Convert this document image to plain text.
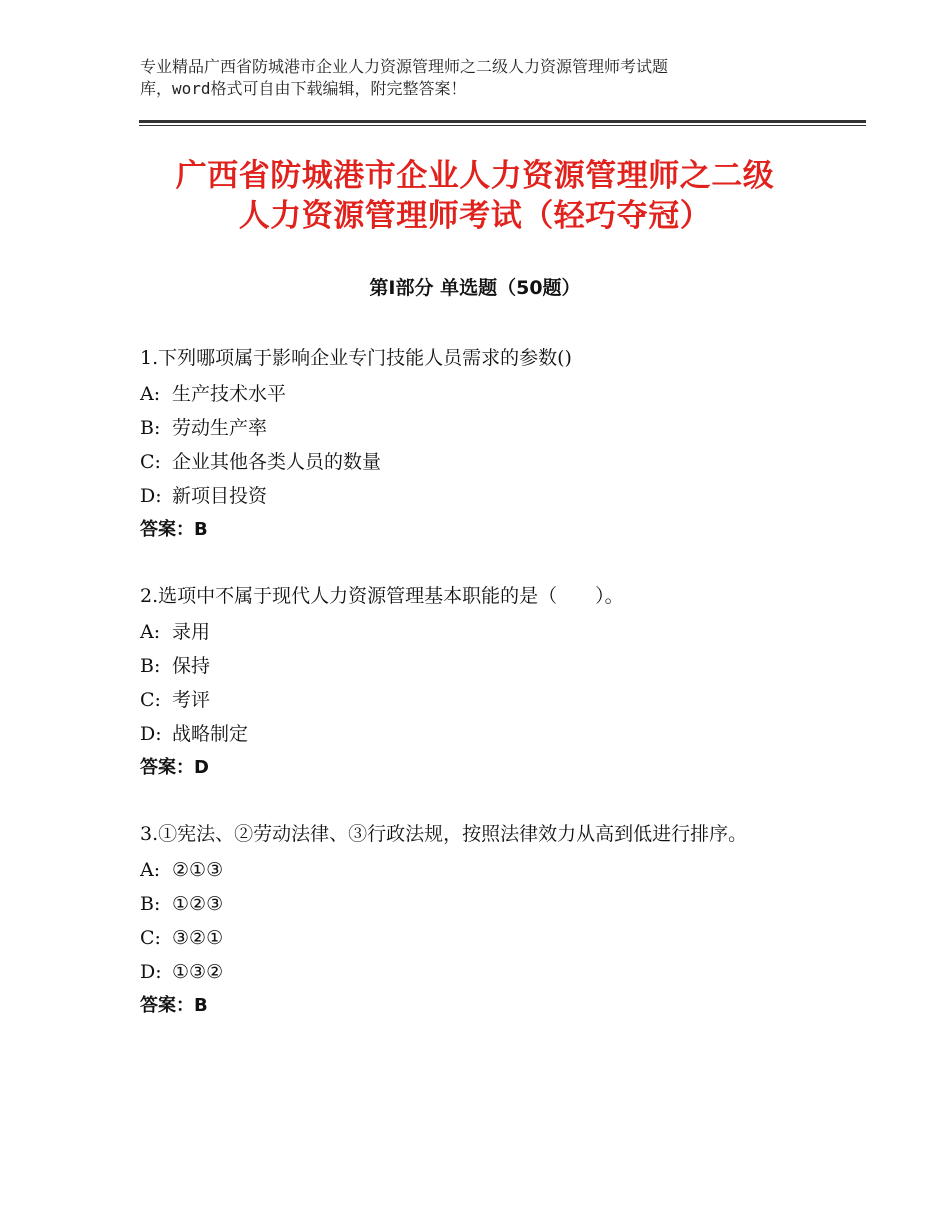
专业精品广西省防城港市企业人力资源管理师之二级人力资源管理师考试题
库，word格式可自由下载编辑，附完整答案！
广西省防城港市企业人力资源管理师之二级
人力资源管理师考试（轻巧夺冠）
第Ⅰ部分 单选题（50题）
1.下列哪项属于影响企业专门技能人员需求的参数()
A: 生产技术水平
B: 劳动生产率
C: 企业其他各类人员的数量
D: 新项目投资
答案：B
2.选项中不属于现代人力资源管理基本职能的是（　　）。
A: 录用
B: 保持
C: 考评
D: 战略制定
答案：D
3.①宪法、②劳动法律、③行政法规，按照法律效力从高到低进行排序。
A: ②①③
B: ①②③
C: ③②①
D: ①③②
答案：B
